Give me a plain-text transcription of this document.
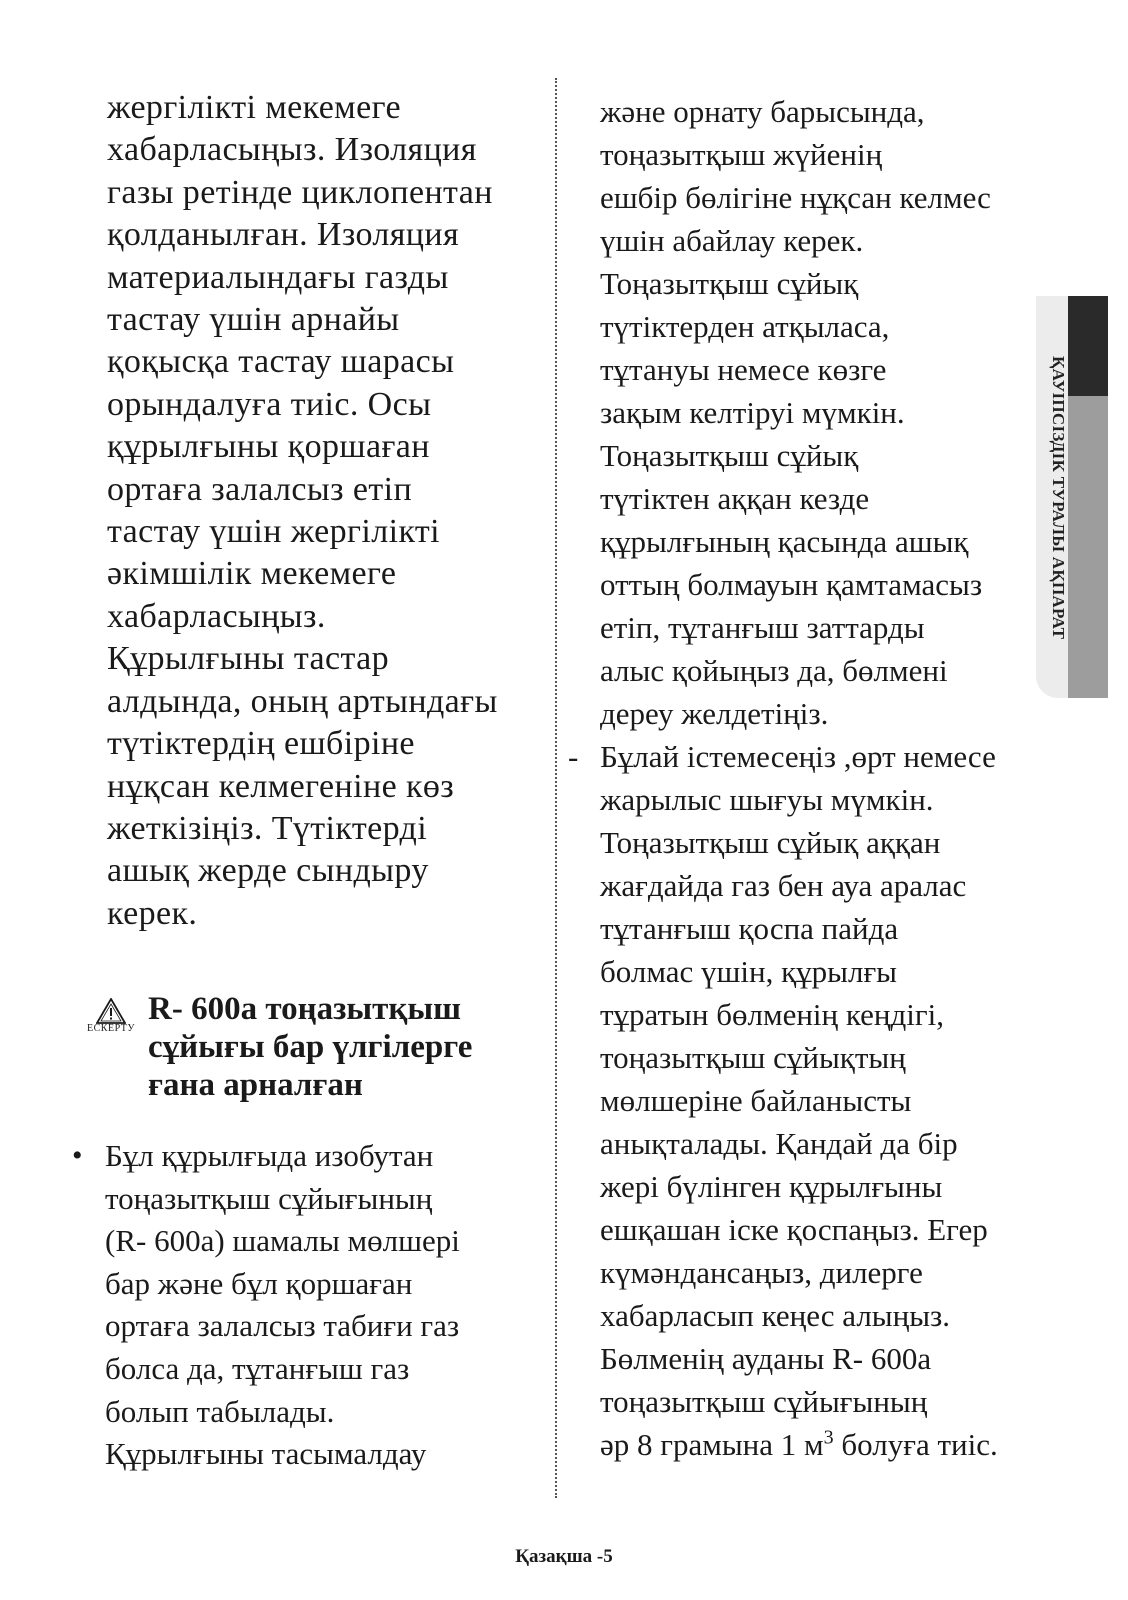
жергілікті мекемеге
хабарласыңыз. Изоляция
газы ретінде циклопентан
қолданылған. Изоляция
материалындағы газды
тастау үшін арнайы
қоқысқа тастау шарасы
орындалуға тиіс. Осы
құрылғыны қоршаған
ортаға залалсыз етіп
тастау үшін жергілікті
әкімшілік мекемеге
хабарласыңыз.
Құрылғыны тастар
алдында, оның артындағы
түтіктердің ешбіріне
нұқсан келмегеніне көз
жеткізіңіз. Түтіктерді
ашық жерде сындыру
керек.
ЕСКЕРТУ
R- 600a тоңазытқыш
сұйығы бар үлгілерге
ғана арналған
• Бұл құрылғыда изобутан
тоңазытқыш сұйығының
(R- 600a) шамалы мөлшері
бар және бұл қоршаған
ортаға залалсыз табиғи газ
болса да, тұтанғыш газ
болып табылады.
Құрылғыны тасымалдау
және орнату барысында,
тоңазытқыш жүйенің
ешбір бөлігіне нұқсан келмес
үшін абайлау керек.
Тоңазытқыш сұйық
түтіктерден атқыласа,
тұтануы немесе көзге
зақым келтіруі мүмкін.
Тоңазытқыш сұйық
түтіктен аққан кезде
құрылғының қасында ашық
оттың болмауын қамтамасыз
етіп, тұтанғыш заттарды
алыс қойыңыз да, бөлмені
дереу желдетіңіз.
- Бұлай істемесеңіз ,өрт немесе
жарылыс шығуы мүмкін.
Тоңазытқыш сұйық аққан
жағдайда газ бен ауа аралас
тұтанғыш қоспа пайда
болмас үшін, құрылғы
тұратын бөлменің кеңдігі,
тоңазытқыш сұйықтың
мөлшеріне байланысты
анықталады. Қандай да бір
жері бүлінген құрылғыны
ешқашан іске қоспаңыз. Егер
күмәндансаңыз, дилерге
хабарласып кеңес алыңыз.
Бөлменің ауданы R- 600a
тоңазытқыш сұйығының
әр 8 грамына 1 $м^3$ болуға тиіс.
ҚАУІПСІЗДІК ТУРАЛЫ АҚПАРАТ
Қазақша -5
